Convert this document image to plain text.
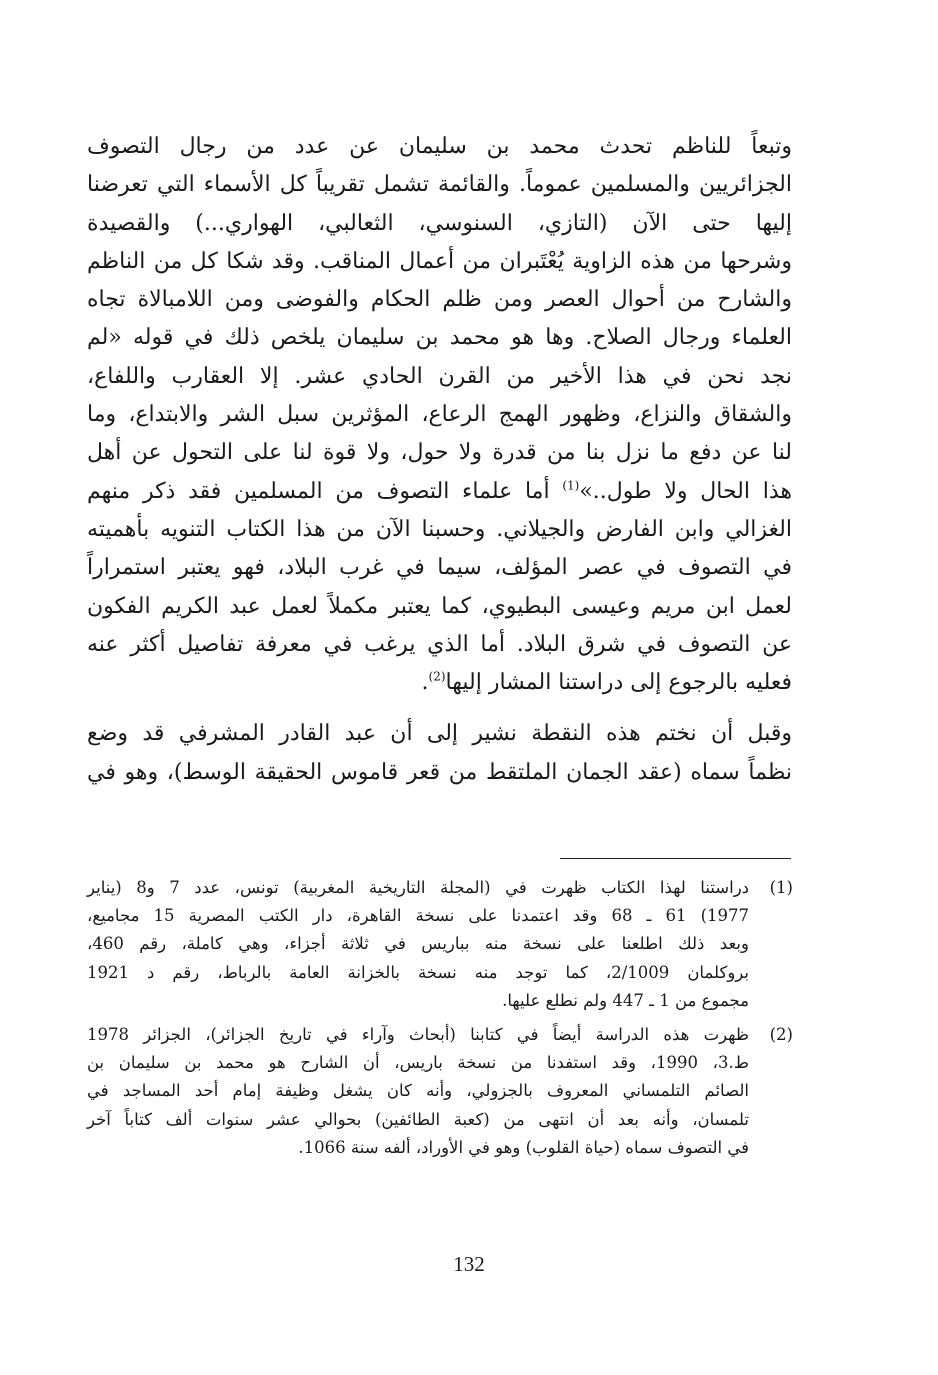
وتبعاً للناظم تحدث محمد بن سليمان عن عدد من رجال التصوف
الجزائريين والمسلمين عموماً. والقائمة تشمل تقريباً كل الأسماء التي تعرضنا
إليها حتى الآن (التازي، السنوسي، الثعالبي، الهواري...) والقصيدة
وشرحها من هذه الزاوية يُعْتَبران من أعمال المناقب. وقد شكا كل من الناظم
والشارح من أحوال العصر ومن ظلم الحكام والفوضى ومن اللامبالاة تجاه
العلماء ورجال الصلاح. وها هو محمد بن سليمان يلخص ذلك في قوله «لم
نجد نحن في هذا الأخير من القرن الحادي عشر. إلا العقارب واللفاع،
والشقاق والنزاع، وظهور الهمج الرعاع، المؤثرين سبل الشر والابتداع، وما
لنا عن دفع ما نزل بنا من قدرة ولا حول، ولا قوة لنا على التحول عن أهل
هذا الحال ولا طول..»$^{(1)}$ أما علماء التصوف من المسلمين فقد ذكر منهم
الغزالي وابن الفارض والجيلاني. وحسبنا الآن من هذا الكتاب التنويه بأهميته
في التصوف في عصر المؤلف، سيما في غرب البلاد، فهو يعتبر استمراراً
لعمل ابن مريم وعيسى البطيوي، كما يعتبر مكملاً لعمل عبد الكريم الفكون
عن التصوف في شرق البلاد. أما الذي يرغب في معرفة تفاصيل أكثر عنه
فعليه بالرجوع إلى دراستنا المشار إليها$^{(2)}$.
وقبل أن نختم هذه النقطة نشير إلى أن عبد القادر المشرفي قد وضع
نظماً سماه (عقد الجمان الملتقط من قعر قاموس الحقيقة الوسط)، وهو في
(1)
دراستنا لهذا الكتاب ظهرت في (المجلة التاريخية المغربية) تونس، عدد 7 و8 (يناير
1977) 61 ـ 68 وقد اعتمدنا على نسخة القاهرة، دار الكتب المصرية 15 مجاميع،
وبعد ذلك اطلعنا على نسخة منه بباريس في ثلاثة أجزاء، وهي كاملة، رقم 460،
بروكلمان 2/1009، كما توجد منه نسخة بالخزانة العامة بالرباط، رقم د 1921
مجموع من 1 ـ 447 ولم نطلع عليها.
(2)
ظهرت هذه الدراسة أيضاً في كتابنا (أبحاث وآراء في تاريخ الجزائر)، الجزائر 1978
ط.3، 1990، وقد استفدنا من نسخة باريس، أن الشارح هو محمد بن سليمان بن
الصائم التلمساني المعروف بالجزولي، وأنه كان يشغل وظيفة إمام أحد المساجد في
تلمسان، وأنه بعد أن انتهى من (كعبة الطائفين) بحوالي عشر سنوات ألف كتاباً آخر
في التصوف سماه (حياة القلوب) وهو في الأوراد، ألفه سنة 1066.
132
